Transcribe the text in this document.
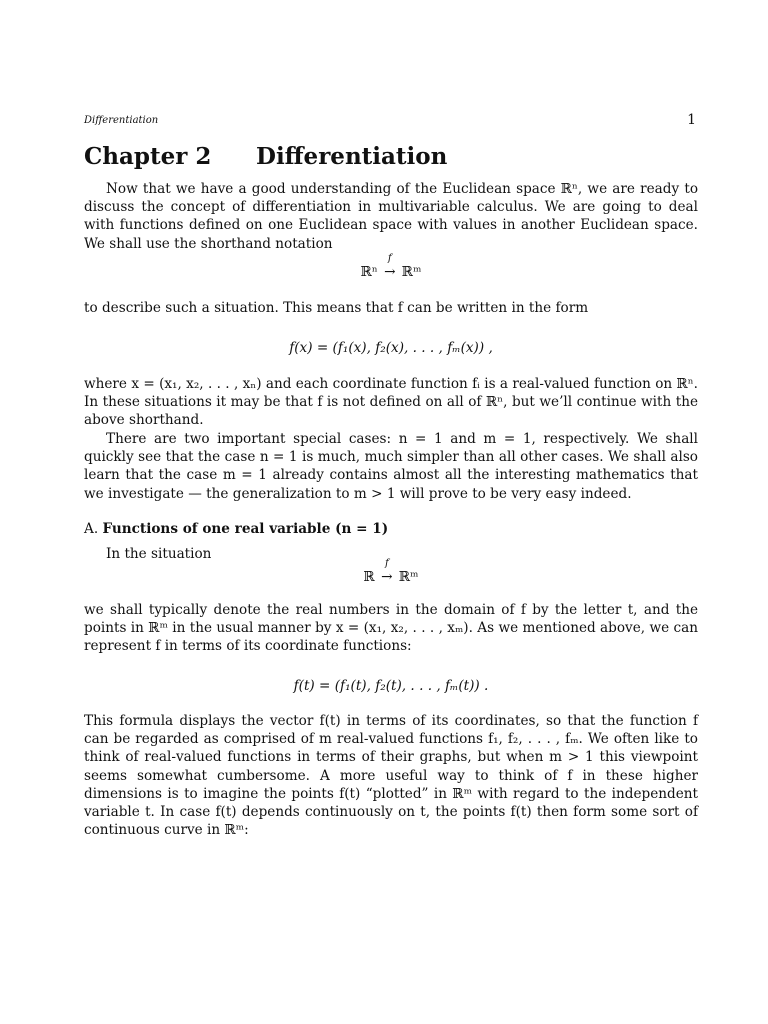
Differentiation	1
Chapter 2 Differentiation

Now that we have a good understanding of the Euclidean space ℝⁿ, we are ready to discuss the concept of differentiation in multivariable calculus. We are going to deal with functions defined on one Euclidean space with values in another Euclidean space. We shall use the shorthand notation

ℝⁿ
f
→ ℝᵐ

to describe such a situation. This means that f can be written in the form

f(x) = (f₁(x), f₂(x), . . . , fₘ(x)) ,

where x = (x₁, x₂, . . . , xₙ) and each coordinate function fᵢ is a real-valued function on ℝⁿ. In these situations it may be that f is not defined on all of ℝⁿ, but we’ll continue with the above shorthand.

There are two important special cases: n = 1 and m = 1, respectively. We shall quickly see that the case n = 1 is much, much simpler than all other cases. We shall also learn that the case m = 1 already contains almost all the interesting mathematics that we investigate — the generalization to m > 1 will prove to be very easy indeed.

A. Functions of one real variable (n = 1)

In the situation

ℝ
f
→ ℝᵐ

we shall typically denote the real numbers in the domain of f by the letter t, and the points in ℝᵐ in the usual manner by x = (x₁, x₂, . . . , xₘ). As we mentioned above, we can represent f in terms of its coordinate functions:

f(t) = (f₁(t), f₂(t), . . . , fₘ(t)) .

This formula displays the vector f(t) in terms of its coordinates, so that the function f can be regarded as comprised of m real-valued functions f₁, f₂, . . . , fₘ. We often like to think of real-valued functions in terms of their graphs, but when m > 1 this viewpoint seems somewhat cumbersome. A more useful way to think of f in these higher dimensions is to imagine the points f(t) “plotted” in ℝᵐ with regard to the independent variable t. In case f(t) depends continuously on t, the points f(t) then form some sort of continuous curve in ℝᵐ:
